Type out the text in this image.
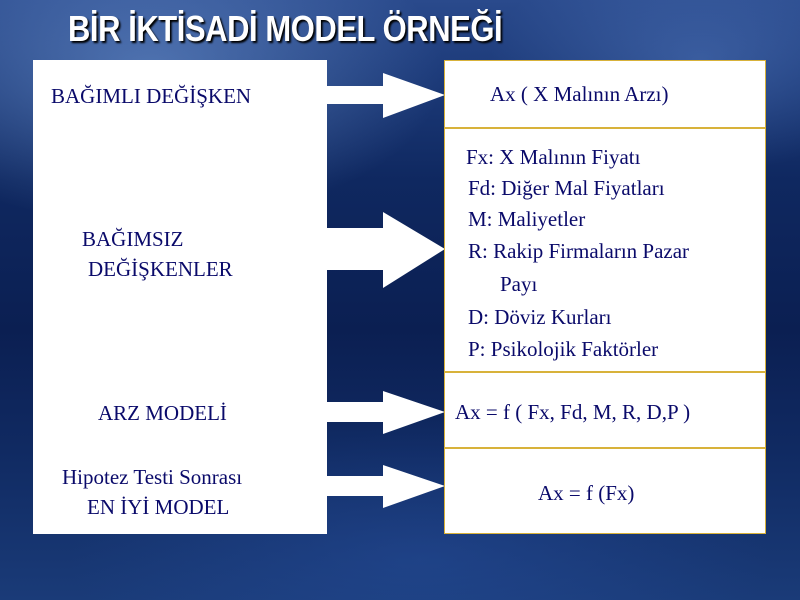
BİR İKTİSADİ MODEL ÖRNEĞİ
BAĞIMLI DEĞİŞKEN
BAĞIMSIZ
DEĞİŞKENLER
ARZ MODELİ
Hipotez Testi Sonrası
EN İYİ MODEL
Ax ( X Malının Arzı)
Fx: X Malının Fiyatı
Fd: Diğer Mal Fiyatları
M: Maliyetler
R: Rakip Firmaların Pazar
Payı
D: Döviz Kurları
P: Psikolojik Faktörler
Ax = f ( Fx, Fd, M, R, D,P )
Ax = f (Fx)
